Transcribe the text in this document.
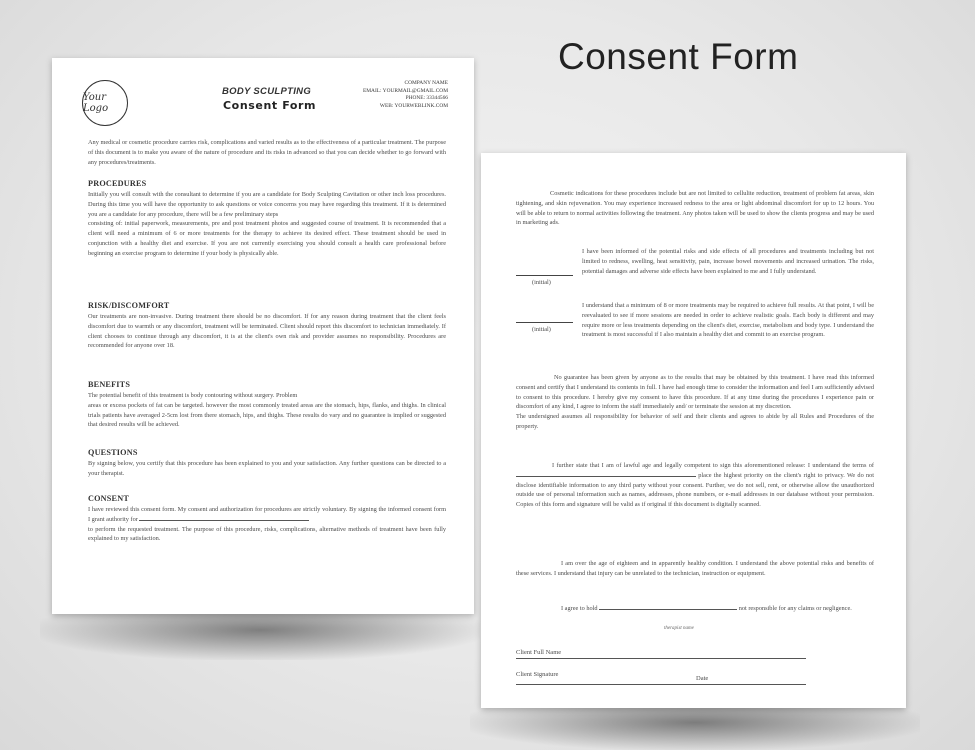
Consent Form
Your Logo
BODY SCULPTING
Consent Form
COMPANY NAME
EMAIL: YOURMAIL@GMAIL.COM
PHONE: 33344566
WEB: YOURWEBLINK.COM

Any medical or cosmetic procedure carries risk, complications and varied results as to the effectiveness of a particular treatment. The purpose of this document is to make you aware of the nature of procedure and its risks in advanced so that you can decide whether to go forward with any procedures/treatments.

PROCEDURES

Initially you will consult with the consultant to determine if you are a candidate for Body Sculpting Cavitation or other inch loss procedures. During this time you will have the opportunity to ask questions or voice concerns you may have regarding this treatment. If it is determined you are a candidate for any procedure, there will be a few preliminary steps

consisting of: initial paperwork, measurements, pre and post treatment photos and suggested course of treatment. It is recommended that a client will need a minimum of 6 or more treatments for the therapy to achieve its desired effect. These treatment should be used in conjunction with a healthy diet and exercise. If you are not currently exercising you should consult a health care professional before beginning an exercise program to determine if your body is physically able.

RISK/DISCOMFORT

Our treatments are non-invasive. During treatment there should be no discomfort. If for any reason during treatment that the client feels discomfort due to warmth or any discomfort, treatment will be terminated. Client should report this discomfort to technician immediately. If client chooses to continue through any discomfort, it is at the client's own risk and provider assumes no responsibility. Procedures are recommended for anyone over 18.

BENEFITS

The potential benefit of this treatment is body contouring without surgery. Problem

areas or excess pockets of fat can be targeted. however the most commonly treated areas are the stomach, hips, flanks, and thighs. In clinical trials patients have averaged 2-5cm lost from there stomach, hips, and thighs. These results do vary and no guarantee is implied or suggested that desired results will be achieved.

QUESTIONS

By signing below, you certify that this procedure has been explained to you and your satisfaction. Any further questions can be directed to a your therapist.

CONSENT

I have reviewed this consent form. My consent and authorization for procedures are strictly voluntary. By signing the informed consent form I grant authority for

to perform the requested treatment. The purpose of this procedure, risks, complications, alternative methods of treatment have been fully explained to my satisfaction.

Cosmetic indications for these procedures include but are not limited to cellulite reduction, treatment of problem fat areas, skin tightening, and skin rejuvenation. You may experience increased redness to the area or light abdominal discomfort for up to 12 hours. You will be able to return to normal activities following the treatment. Any photos taken will be used to show the clients progress and may be used in marketing ads.

(initial)

I have been informed of the potential risks and side effects of all procedures and treatments including but not limited to redness, swelling, heat sensitivity, pain, increase bowel movements and increased urination. The risks, potential damages and adverse side effects have been explained to me and I fully understand.

(initial)

I understand that a minimum of 8 or more treatments may be required to achieve full results. At that point, I will be reevaluated to see if more sessions are needed in order to achieve realistic goals. Each body is different and may require more or less treatments depending on the client's diet, exercise, metabolism and body type. I understand the treatment is most successful if I also maintain a healthy diet and commit to an exercise program.

No guarantee has been given by anyone as to the results that may be obtained by this treatment. I have read this informed consent and certify that I understand its contents in full. I have had enough time to consider the information and feel I am sufficiently advised to consent to this procedure. I hereby give my consent to have this procedure. If at any time during the procedures I experience pain or discomfort of any kind, I agree to inform the staff immediately and/ or terminate the session at my discretion.

The undersigned assumes all responsibility for behavior of self and their clients and agrees to abide by all Rules and Procedures of the property.

I further state that I am of lawful age and legally competent to sign this aforementioned release: I understand the terms of  place the highest priority on the client's right to privacy. We do not disclose identifiable information to any third party without your consent. Further, we do not sell, rent, or otherwise allow the unauthorized outside use of personal information such as names, addresses, phone numbers, or e-mail addresses in our database without your permission. Copies of this form and signature will be valid as if original if this document is digitally scanned.

I am over the age of eighteen and in apparently healthy condition. I understand the above potential risks and benefits of these services. I understand that injury can be unrelated to the technician, instruction or equipment.

I agree to hold	not responsible for any claims or negligence.

therapist name
Client Full Name
Client Signature
Date
